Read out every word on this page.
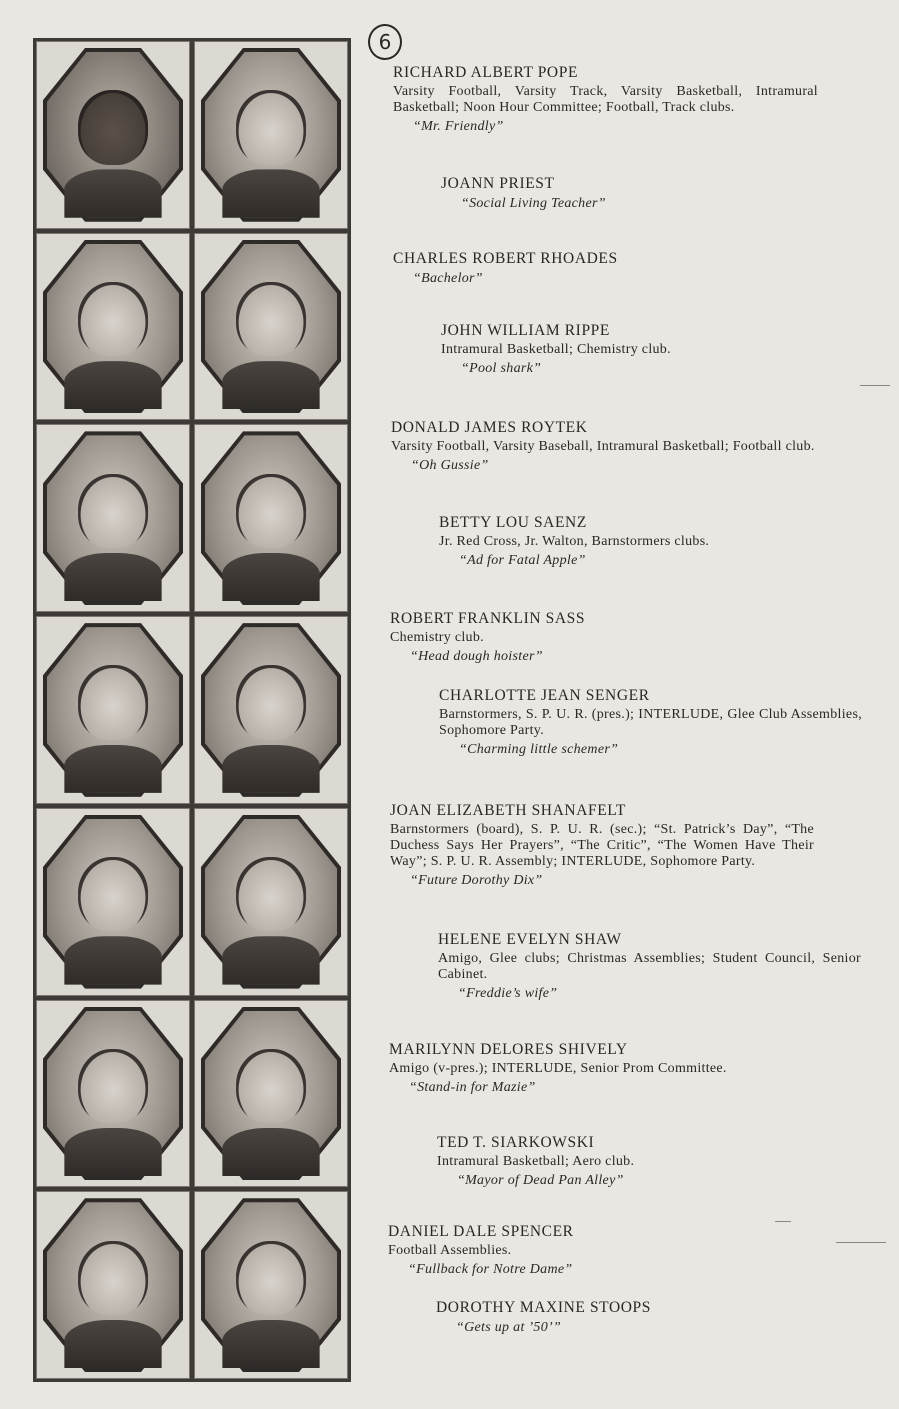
6
RICHARD ALBERT POPE
Varsity Football, Varsity Track, Varsity Basketball, Intramural Basketball; Noon Hour Committee; Football, Track clubs.
“Mr. Friendly”
JOANN PRIEST
“Social Living Teacher”
CHARLES ROBERT RHOADES
“Bachelor”
JOHN WILLIAM RIPPE
Intramural Basketball; Chemistry club.
“Pool shark”
DONALD JAMES ROYTEK
Varsity Football, Varsity Baseball, Intramural Basketball; Football club.
“Oh Gussie”
BETTY LOU SAENZ
Jr. Red Cross, Jr. Walton, Barnstormers clubs.
“Ad for Fatal Apple”
ROBERT FRANKLIN SASS
Chemistry club.
“Head dough hoister”
CHARLOTTE JEAN SENGER
Barnstormers, S. P. U. R. (pres.); INTERLUDE, Glee Club Assemblies, Sophomore Party.
“Charming little schemer”
JOAN ELIZABETH SHANAFELT
Barnstormers (board), S. P. U. R. (sec.); “St. Patrick’s Day”, “The Duchess Says Her Prayers”, “The Critic”, “The Women Have Their Way”; S. P. U. R. Assembly; INTERLUDE, Sophomore Party.
“Future Dorothy Dix”
HELENE EVELYN SHAW
Amigo, Glee clubs; Christmas Assemblies; Student Council, Senior Cabinet.
“Freddie’s wife”
MARILYNN DELORES SHIVELY
Amigo (v-pres.); INTERLUDE, Senior Prom Committee.
“Stand-in for Mazie”
TED T. SIARKOWSKI
Intramural Basketball; Aero club.
“Mayor of Dead Pan Alley”
DANIEL DALE SPENCER
Football Assemblies.
“Fullback for Notre Dame”
DOROTHY MAXINE STOOPS
“Gets up at ’50’”
